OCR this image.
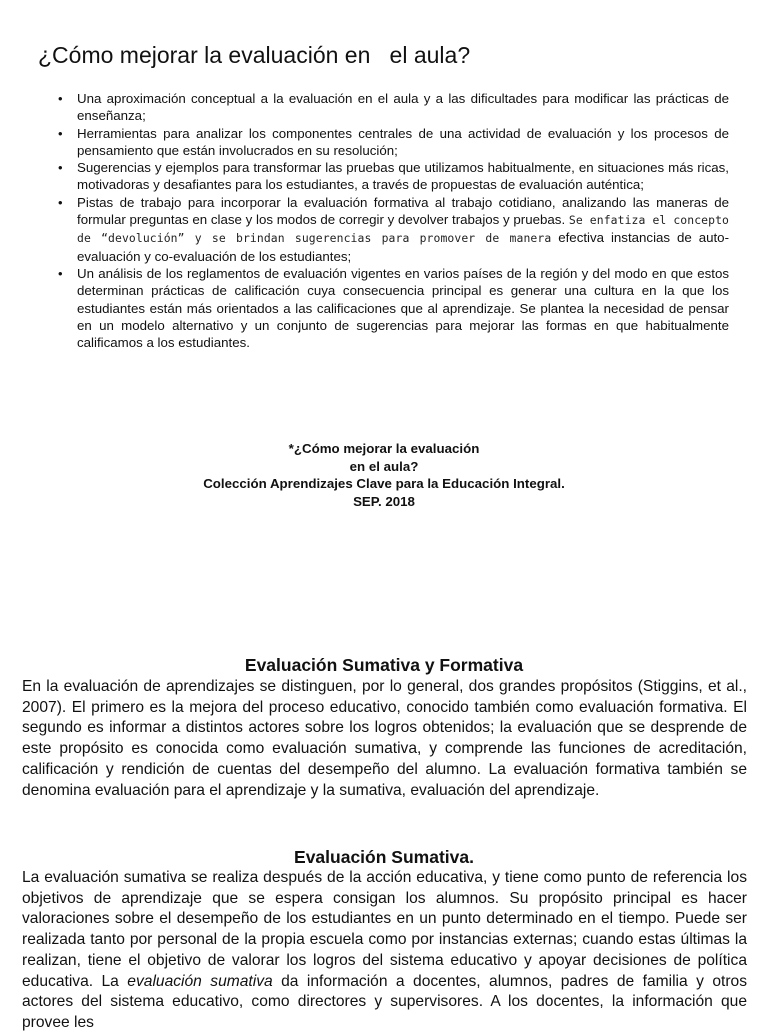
¿Cómo mejorar la evaluación en   el aula?
• Una aproximación conceptual a la evaluación en el aula y a las dificultades para modificar las prácticas de enseñanza;
• Herramientas para analizar los componentes centrales de una actividad de evaluación y los procesos de pensamiento que están involucrados en su resolución;
• Sugerencias y ejemplos para transformar las pruebas que utilizamos habitualmente, en situaciones más ricas, motivadoras y desafiantes para los estudiantes, a través de propuestas de evaluación auténtica;
• Pistas de trabajo para incorporar la evaluación formativa al trabajo cotidiano, analizando las maneras de formular preguntas en clase y los modos de corregir y devolver trabajos y pruebas. Se enfatiza el concepto de “devolución” y se brindan sugerencias para promover de manera efectiva instancias de auto-evaluación y co-evaluación de los estudiantes;
• Un análisis de los reglamentos de evaluación vigentes en varios países de la región y del modo en que estos determinan prácticas de calificación cuya consecuencia principal es generar una cultura en la que los estudiantes están más orientados a las calificaciones que al aprendizaje. Se plantea la necesidad de pensar en un modelo alternativo y un conjunto de sugerencias para mejorar las formas en que habitualmente calificamos a los estudiantes.
*¿Cómo mejorar la evaluación
en el aula?
Colección Aprendizajes Clave para la Educación Integral.
SEP. 2018
Evaluación Sumativa y Formativa

En la evaluación de aprendizajes se distinguen, por lo general, dos grandes propósitos (Stiggins, et al., 2007). El primero es la mejora del proceso educativo, conocido también como evaluación formativa. El segundo es informar a distintos actores sobre los logros obtenidos; la evaluación que se desprende de este propósito es conocida como evaluación sumativa, y comprende las funciones de acreditación, calificación y rendición de cuentas del desempeño del alumno. La evaluación formativa también se denomina evaluación para el aprendizaje y la sumativa, evaluación del aprendizaje.

Evaluación Sumativa.

La evaluación sumativa se realiza después de la acción educativa, y tiene como punto de referencia los objetivos de aprendizaje que se espera consigan los alumnos. Su propósito principal es hacer valoraciones sobre el desempeño de los estudiantes en un punto determinado en el tiempo. Puede ser realizada tanto por personal de la propia escuela como por instancias externas; cuando estas últimas la realizan, tiene el objetivo de valorar los logros del sistema educativo y apoyar decisiones de política educativa. La evaluación sumativa da información a docentes, alumnos, padres de familia y otros actores del sistema educativo, como directores y supervisores. A los docentes, la información que provee les
